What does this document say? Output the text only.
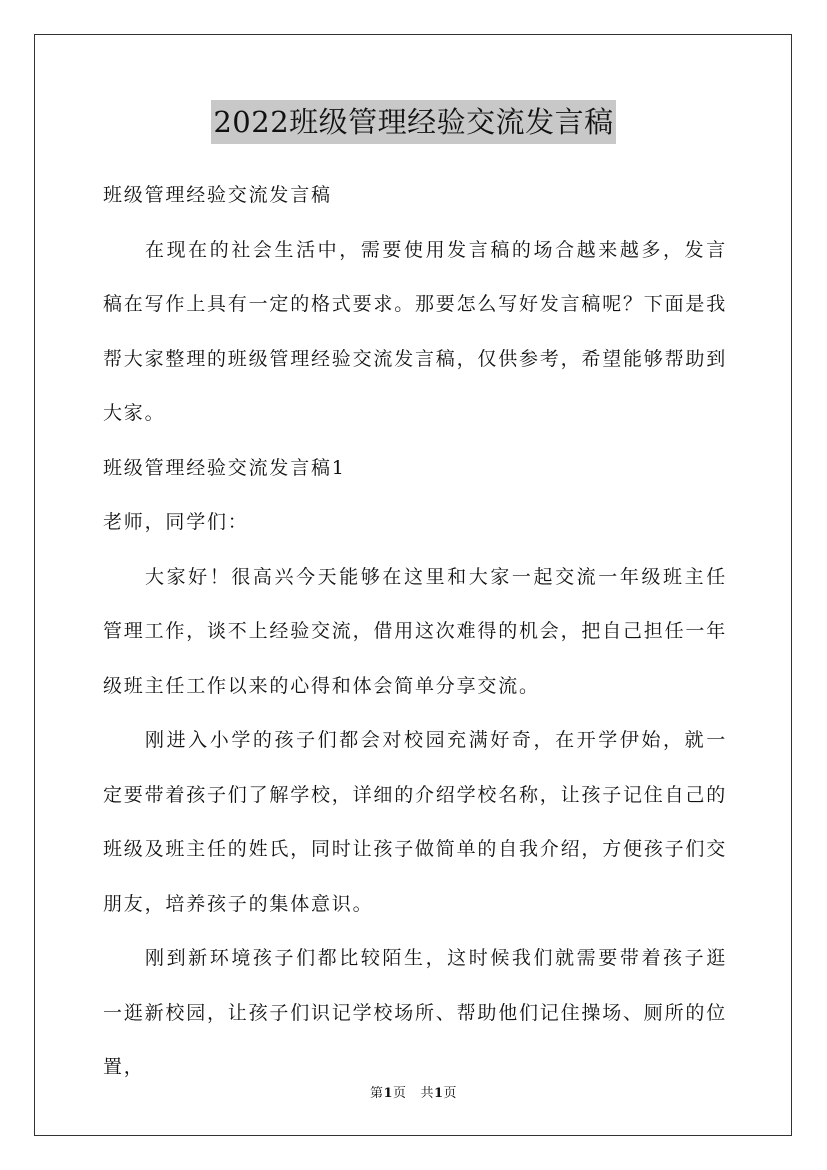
2022班级管理经验交流发言稿

班级管理经验交流发言稿

在现在的社会生活中，需要使用发言稿的场合越来越多，发言稿在写作上具有一定的格式要求。那要怎么写好发言稿呢？下面是我帮大家整理的班级管理经验交流发言稿，仅供参考，希望能够帮助到大家。

班级管理经验交流发言稿1

老师，同学们：

大家好！很高兴今天能够在这里和大家一起交流一年级班主任管理工作，谈不上经验交流，借用这次难得的机会，把自己担任一年级班主任工作以来的心得和体会简单分享交流。

刚进入小学的孩子们都会对校园充满好奇，在开学伊始，就一定要带着孩子们了解学校，详细的介绍学校名称，让孩子记住自己的班级及班主任的姓氏，同时让孩子做简单的自我介绍，方便孩子们交朋友，培养孩子的集体意识。

刚到新环境孩子们都比较陌生，这时候我们就需要带着孩子逛一逛新校园，让孩子们识记学校场所、帮助他们记住操场、厕所的位置，

第1页 共1页
